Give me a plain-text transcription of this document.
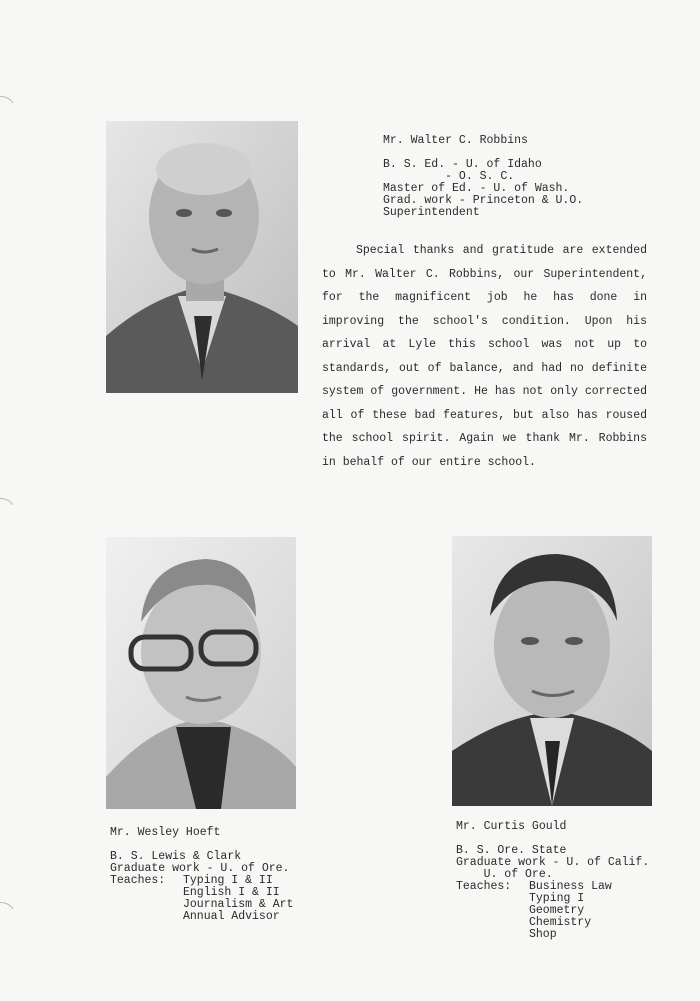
Mr. Walter C. Robbins
B. S. Ed. - U. of Idaho
- O. S. C.
Master of Ed. - U. of Wash.
Grad. work - Princeton & U.O.
Superintendent

Special thanks and gratitude are extended to Mr. Walter C. Robbins, our Superintendent, for the magnificent job he has done in improving the school's condition. Upon his arrival at Lyle this school was not up to standards, out of balance, and had no definite system of government. He has not only corrected all of these bad features, but also has roused the school spirit. Again we thank Mr. Robbins in behalf of our entire school.

Mr. Wesley Hoeft
B. S. Lewis & Clark
Graduate work - U. of Ore.
Teaches:	Typing I & II
English I & II
Journalism & Art
Annual Advisor
Mr. Curtis Gould
B. S. Ore. State
Graduate work - U. of Calif.
U. of Ore.
Teaches:	Business Law
Typing I
Geometry
Chemistry
Shop
